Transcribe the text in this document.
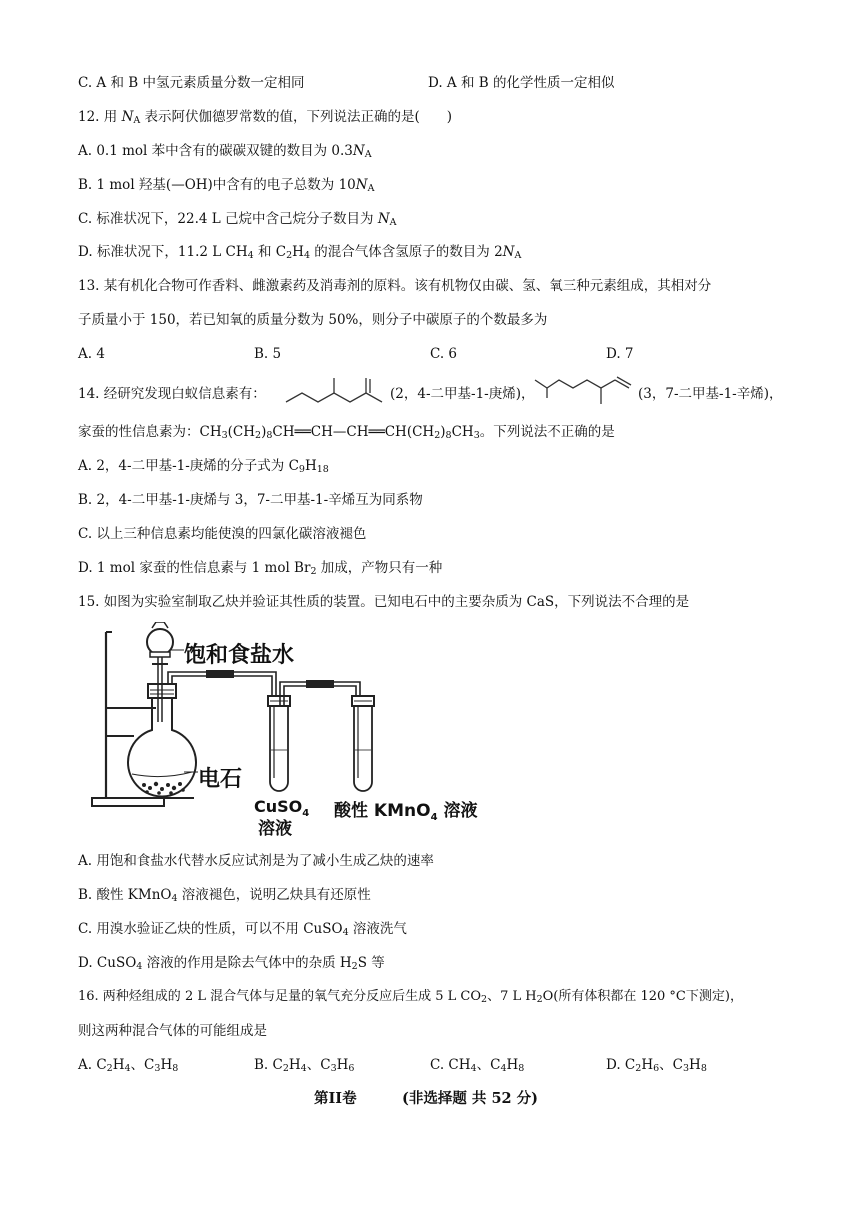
C. A 和 B 中氢元素质量分数一定相同	D. A 和 B 的化学性质一定相似
12. 用 $N_A$ 表示阿伏伽德罗常数的值，下列说法正确的是(　　)
A. 0.1 mol 苯中含有的碳碳双键的数目为 $0.3N_A$
B. 1 mol 羟基(—OH)中含有的电子总数为 $10N_A$
C. 标准状况下，22.4 L 己烷中含己烷分子数目为 $N_A$
D. 标准状况下，11.2 L $CH_4$ 和 $C_2H_4$ 的混合气体含氢原子的数目为 $2N_A$
13. 某有机化合物可作香料、雌激素药及消毒剂的原料。该有机物仅由碳、氢、氧三种元素组成，其相对分
子质量小于 150，若已知氧的质量分数为 50%，则分子中碳原子的个数最多为
A. 4	B. 5	C. 6	D. 7
14. 经研究发现白蚁信息素有：	(2，4-二甲基-1-庚烯)，	(3，7-二甲基-1-辛烯)，
家蚕的性信息素为：$CH_3(CH_2)_8CH══CH—CH══CH(CH_2)_8CH_3$。下列说法不正确的是
A. 2，4-二甲基-1-庚烯的分子式为 $C_9H_{18}$
B. 2，4-二甲基-1-庚烯与 3，7-二甲基-1-辛烯互为同系物
C. 以上三种信息素均能使溴的四氯化碳溶液褪色
D. 1 mol 家蚕的性信息素与 1 mol $Br_2$ 加成，产物只有一种
15. 如图为实验室制取乙炔并验证其性质的装置。已知电石中的主要杂质为 CaS，下列说法不合理的是
饱和食盐水
电石
CuSO$_4$
溶液
酸性 KMnO$_4$ 溶液
A. 用饱和食盐水代替水反应试剂是为了减小生成乙炔的速率
B. 酸性 KMnO$_4$ 溶液褪色，说明乙炔具有还原性
C. 用溴水验证乙炔的性质，可以不用 CuSO$_4$ 溶液洗气
D. CuSO$_4$ 溶液的作用是除去气体中的杂质 $H_2S$ 等
16. 两种烃组成的 2 L 混合气体与足量的氧气充分反应后生成 5 L $CO_2$、7 L $H_2O$(所有体积都在 120 °C下测定)，
则这两种混合气体的可能组成是
A. $C_2H_4$、$C_3H_8$	B. $C_2H_4$、$C_3H_6$	C. $CH_4$、$C_4H_8$	D. $C_2H_6$、$C_3H_8$
第II卷	(非选择题 共 52 分)
